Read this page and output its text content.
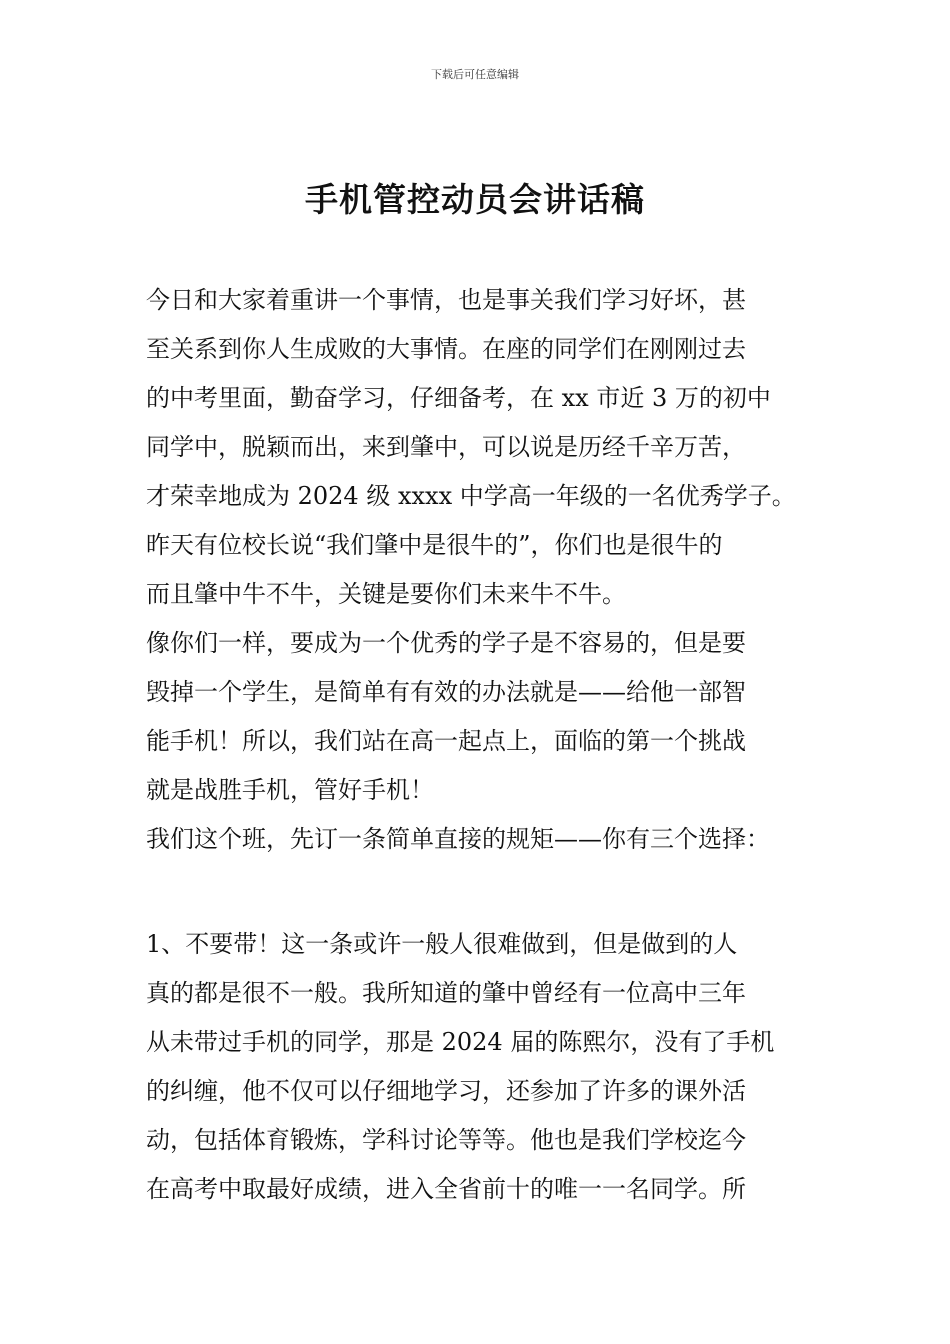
下载后可任意编辑
手机管控动员会讲话稿
今日和大家着重讲一个事情，也是事关我们学习好坏，甚
至关系到你人生成败的大事情。在座的同学们在刚刚过去
的中考里面，勤奋学习，仔细备考，在 xx 市近 3 万的初中
同学中，脱颖而出，来到肇中，可以说是历经千辛万苦，
才荣幸地成为 2024 级 xxxx 中学高一年级的一名优秀学子。
昨天有位校长说“我们肇中是很牛的”，你们也是很牛的
而且肇中牛不牛，关键是要你们未来牛不牛。
像你们一样，要成为一个优秀的学子是不容易的，但是要
毁掉一个学生，是简单有有效的办法就是——给他一部智
能手机！所以，我们站在高一起点上，面临的第一个挑战
就是战胜手机，管好手机！
我们这个班，先订一条简单直接的规矩——你有三个选择：
1、不要带！这一条或许一般人很难做到，但是做到的人
真的都是很不一般。我所知道的肇中曾经有一位高中三年
从未带过手机的同学，那是 2024 届的陈熙尔，没有了手机
的纠缠，他不仅可以仔细地学习，还参加了许多的课外活
动，包括体育锻炼，学科讨论等等。他也是我们学校迄今
在高考中取最好成绩，进入全省前十的唯一一名同学。所
